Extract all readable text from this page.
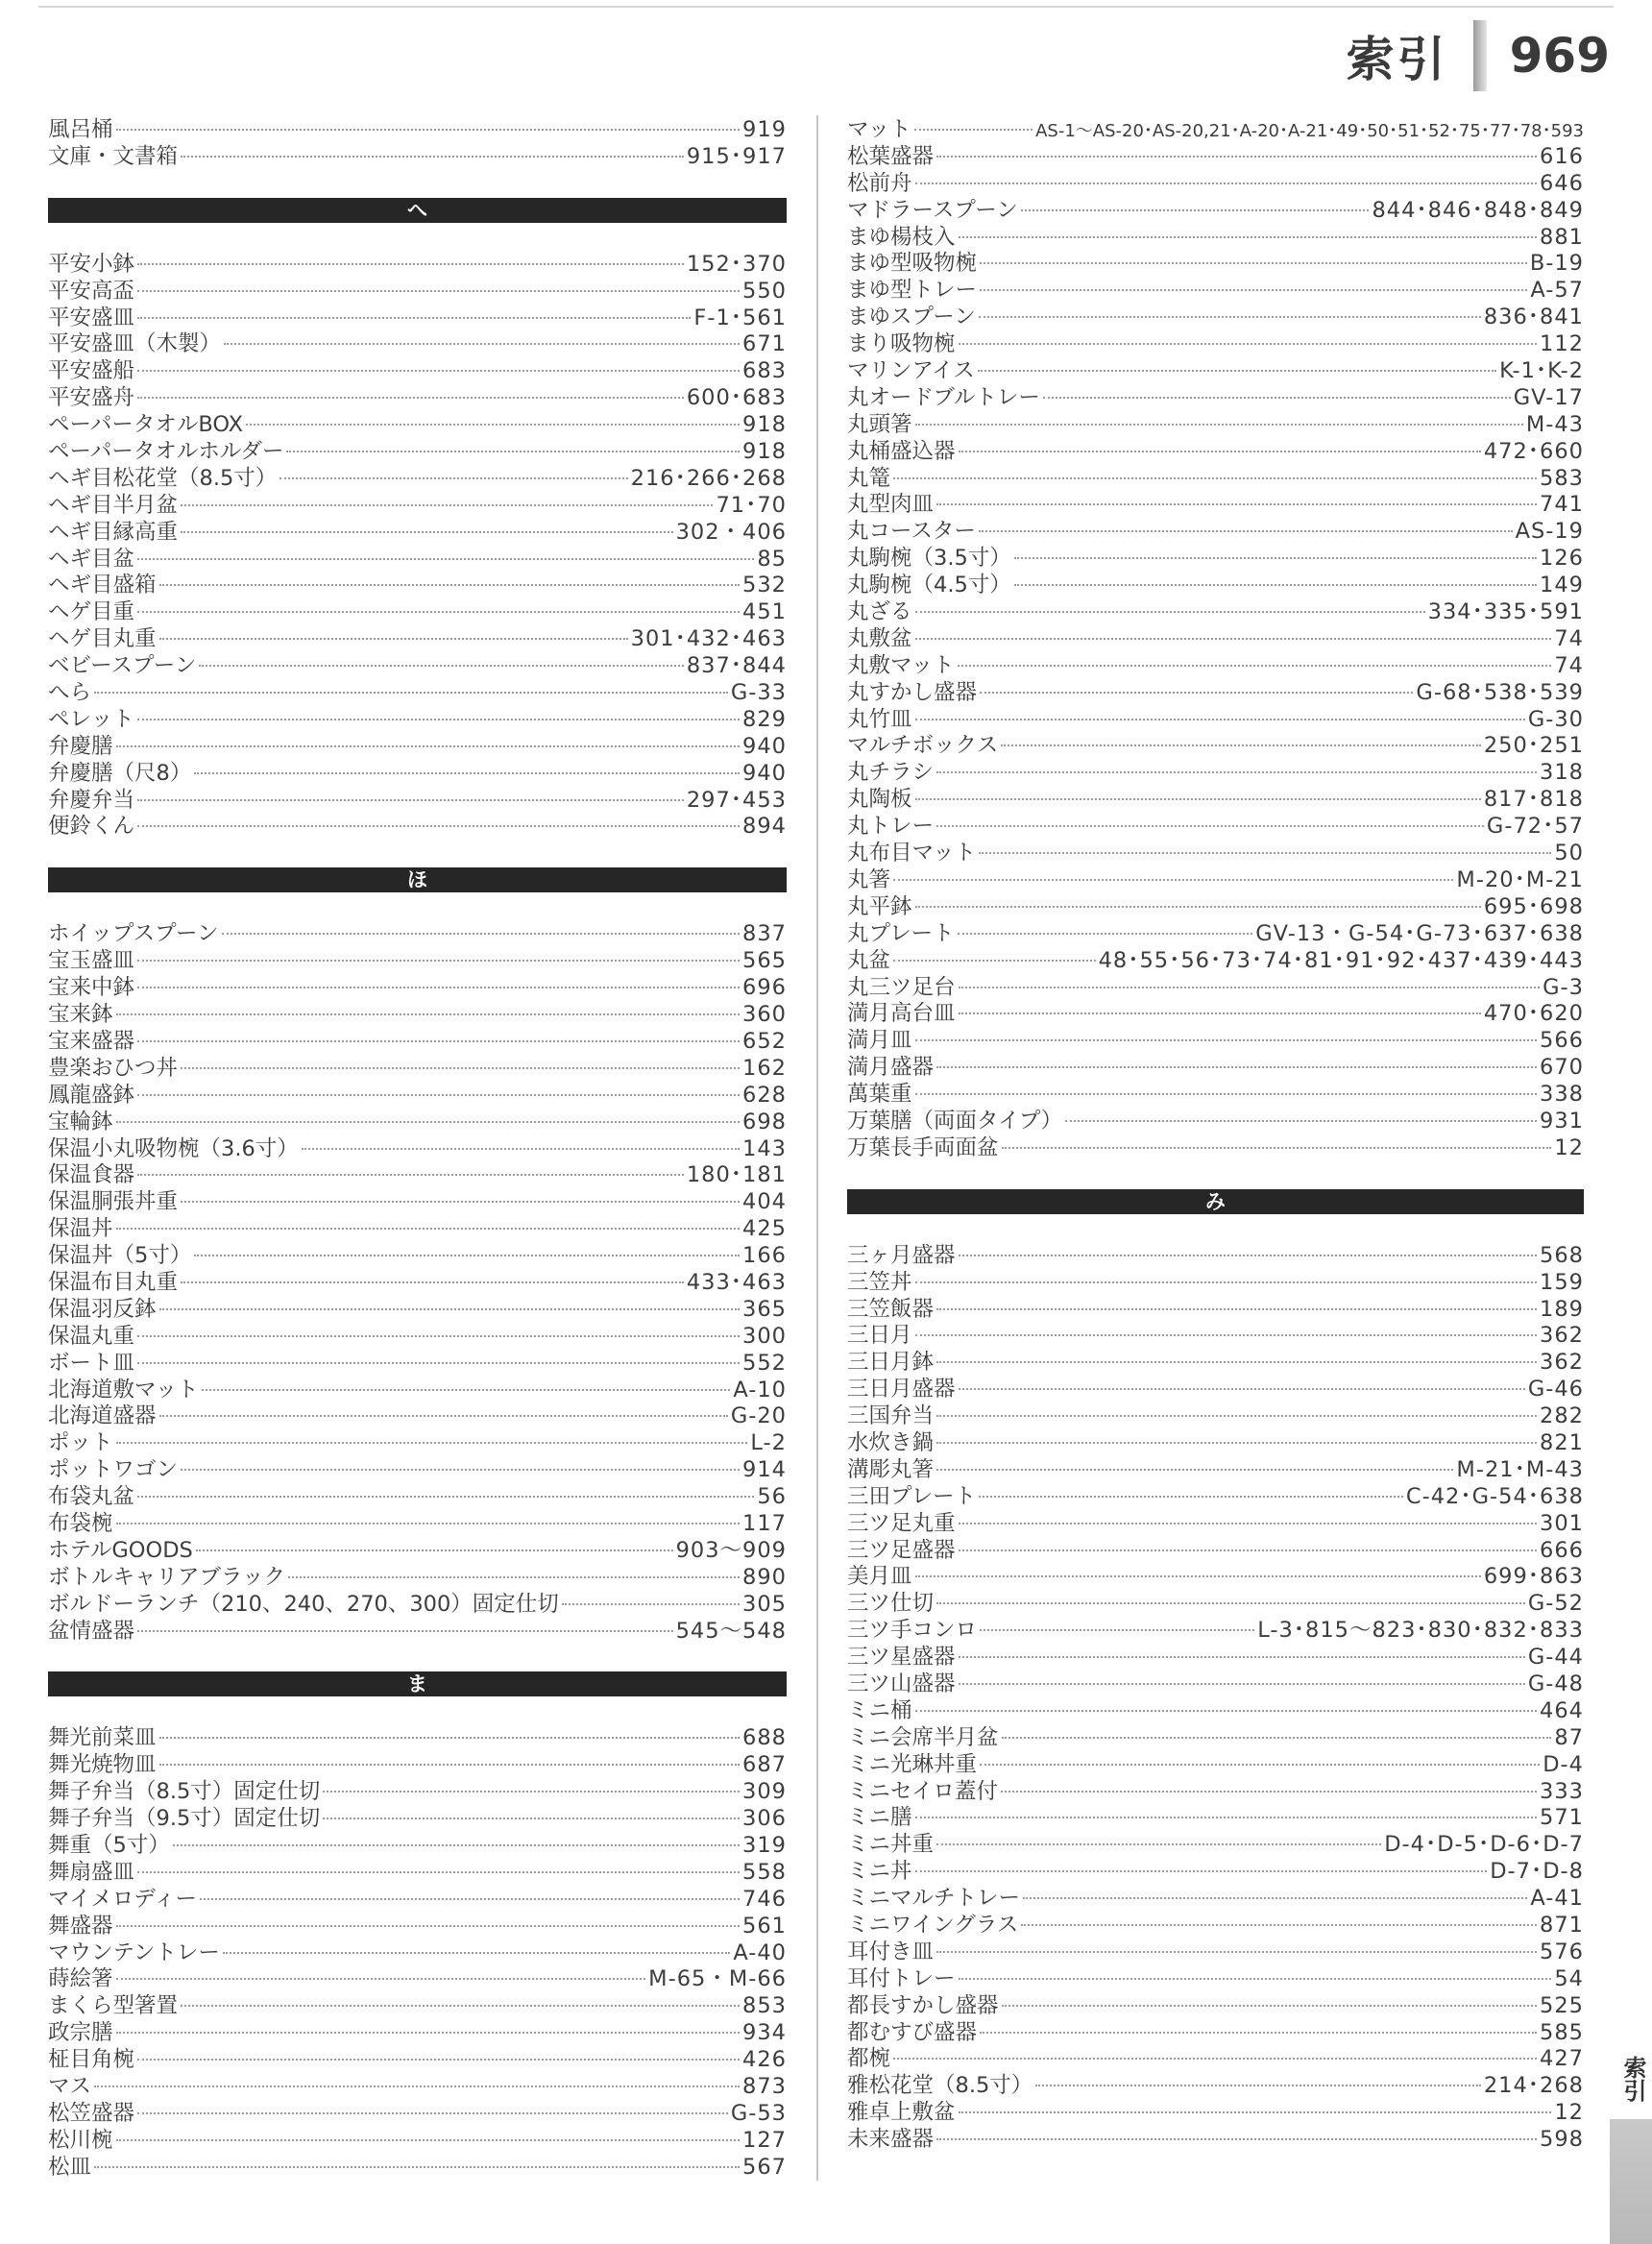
索引 969
風呂桶	919
文庫・文書箱	915･917
へ
平安小鉢	152･370
平安高盃	550
平安盛皿	F-1･561
平安盛皿（木製）	671
平安盛船	683
平安盛舟	600･683
ペーパータオルBOX	918
ペーパータオルホルダー	918
ヘギ目松花堂（8.5寸）	216･266･268
ヘギ目半月盆	71･70
ヘギ目縁高重	302・406
ヘギ目盆	85
ヘギ目盛箱	532
ヘゲ目重	451
ヘゲ目丸重	301･432･463
ベビースプーン	837･844
へら	G-33
ペレット	829
弁慶膳	940
弁慶膳（尺8）	940
弁慶弁当	297･453
便鈴くん	894
ほ
ホイップスプーン	837
宝玉盛皿	565
宝来中鉢	696
宝来鉢	360
宝来盛器	652
豊楽おひつ丼	162
鳳龍盛鉢	628
宝輪鉢	698
保温小丸吸物椀（3.6寸）	143
保温食器	180･181
保温胴張丼重	404
保温丼	425
保温丼（5寸）	166
保温布目丸重	433･463
保温羽反鉢	365
保温丸重	300
ボート皿	552
北海道敷マット	A-10
北海道盛器	G-20
ポット	L-2
ポットワゴン	914
布袋丸盆	56
布袋椀	117
ホテルGOODS	903～909
ボトルキャリアブラック	890
ボルドーランチ（210、240、270、300）固定仕切	305
盆情盛器	545～548
ま
舞光前菜皿	688
舞光焼物皿	687
舞子弁当（8.5寸）固定仕切	309
舞子弁当（9.5寸）固定仕切	306
舞重（5寸）	319
舞扇盛皿	558
マイメロディー	746
舞盛器	561
マウンテントレー	A-40
蒔絵箸	M-65・M-66
まくら型箸置	853
政宗膳	934
柾目角椀	426
マス	873
松笠盛器	G-53
松川椀	127
松皿	567
マット	AS-1～AS-20･AS-20,21･A-20･A-21･49･50･51･52･75･77･78･593
松葉盛器	616
松前舟	646
マドラースプーン	844･846･848･849
まゆ楊枝入	881
まゆ型吸物椀	B-19
まゆ型トレー	A-57
まゆスプーン	836･841
まり吸物椀	112
マリンアイス	K-1･K-2
丸オードブルトレー	GV-17
丸頭箸	M-43
丸桶盛込器	472･660
丸篭	583
丸型肉皿	741
丸コースター	AS-19
丸駒椀（3.5寸）	126
丸駒椀（4.5寸）	149
丸ざる	334･335･591
丸敷盆	74
丸敷マット	74
丸すかし盛器	G-68･538･539
丸竹皿	G-30
マルチボックス	250･251
丸チラシ	318
丸陶板	817･818
丸トレー	G-72･57
丸布目マット	50
丸箸	M-20･M-21
丸平鉢	695･698
丸プレート	GV-13・G-54･G-73･637･638
丸盆	48･55･56･73･74･81･91･92･437･439･443
丸三ツ足台	G-3
満月高台皿	470･620
満月皿	566
満月盛器	670
萬葉重	338
万葉膳（両面タイプ）	931
万葉長手両面盆	12
み
三ヶ月盛器	568
三笠丼	159
三笠飯器	189
三日月	362
三日月鉢	362
三日月盛器	G-46
三国弁当	282
水炊き鍋	821
溝彫丸箸	M-21･M-43
三田プレート	C-42･G-54･638
三ツ足丸重	301
三ツ足盛器	666
美月皿	699･863
三ツ仕切	G-52
三ツ手コンロ	L-3･815～823･830･832･833
三ツ星盛器	G-44
三ツ山盛器	G-48
ミニ桶	464
ミニ会席半月盆	87
ミニ光琳丼重	D-4
ミニセイロ蓋付	333
ミニ膳	571
ミニ丼重	D-4･D-5･D-6･D-7
ミニ丼	D-7･D-8
ミニマルチトレー	A-41
ミニワイングラス	871
耳付き皿	576
耳付トレー	54
都長すかし盛器	525
都むすび盛器	585
都椀	427
雅松花堂（8.5寸）	214･268
雅卓上敷盆	12
未来盛器	598
索引
